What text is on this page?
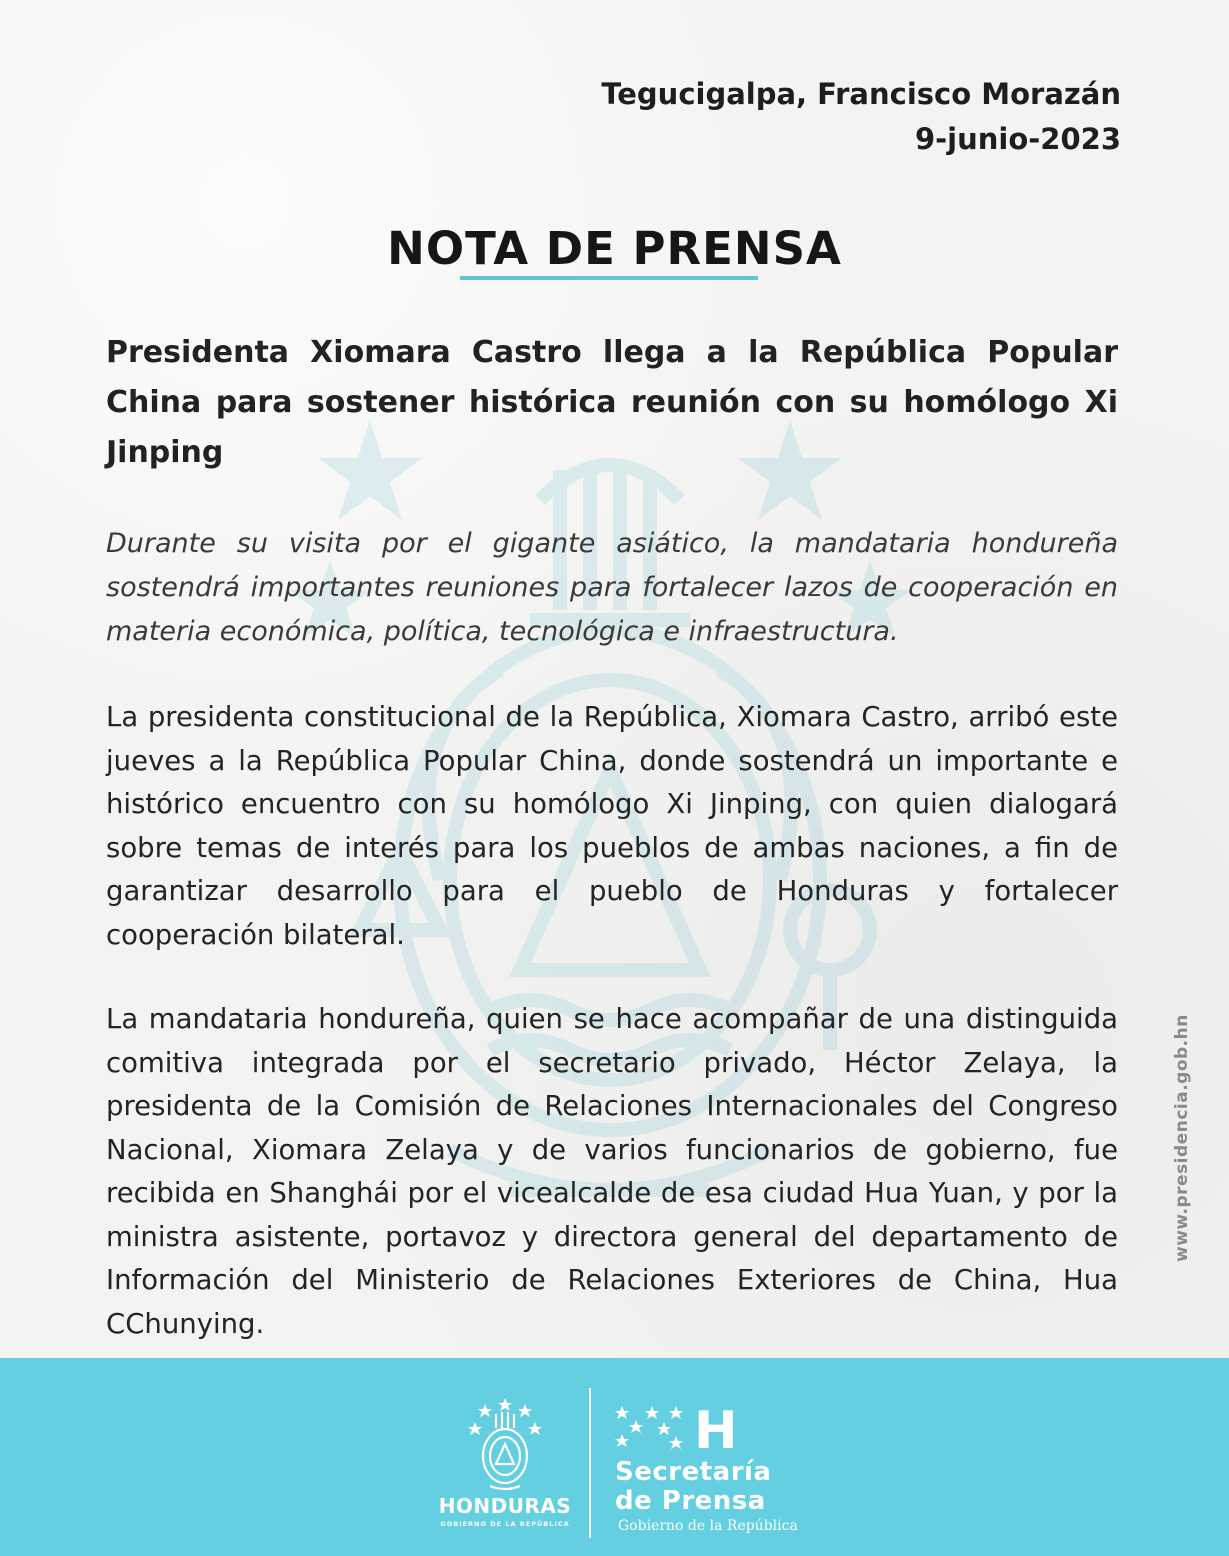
Tegucigalpa, Francisco Morazán
9-junio-2023
NOTA DE PRENSA
Presidenta Xiomara Castro llega a la República Popular China para sostener histórica reunión con su homólogo Xi Jinping
Durante su visita por el gigante asiático, la mandataria hondureña sostendrá importantes reuniones para fortalecer lazos de cooperación en materia económica, política, tecnológica e infraestructura.
La presidenta constitucional de la República, Xiomara Castro, arribó este jueves a la República Popular China, donde sostendrá un importante e histórico encuentro con su homólogo Xi Jinping, con quien dialogará sobre temas de interés para los pueblos de ambas naciones, a fin de garantizar desarrollo para el pueblo de Honduras y fortalecer cooperación bilateral.
La mandataria hondureña, quien se hace acompañar de una distinguida comitiva integrada por el secretario privado, Héctor Zelaya, la presidenta de la Comisión de Relaciones Internacionales del Congreso Nacional, Xiomara Zelaya y de varios funcionarios de gobierno, fue recibida en Shanghái por el vicealcalde de esa ciudad Hua Yuan, y por la ministra asistente, portavoz y directora general del departamento de Información del Ministerio de Relaciones Exteriores de China, Hua CChunying.
www.presidencia.gob.hn
HONDURAS
GOBIERNO DE LA REPÚBLICA
H
Secretaría
de Prensa
Gobierno de la República
